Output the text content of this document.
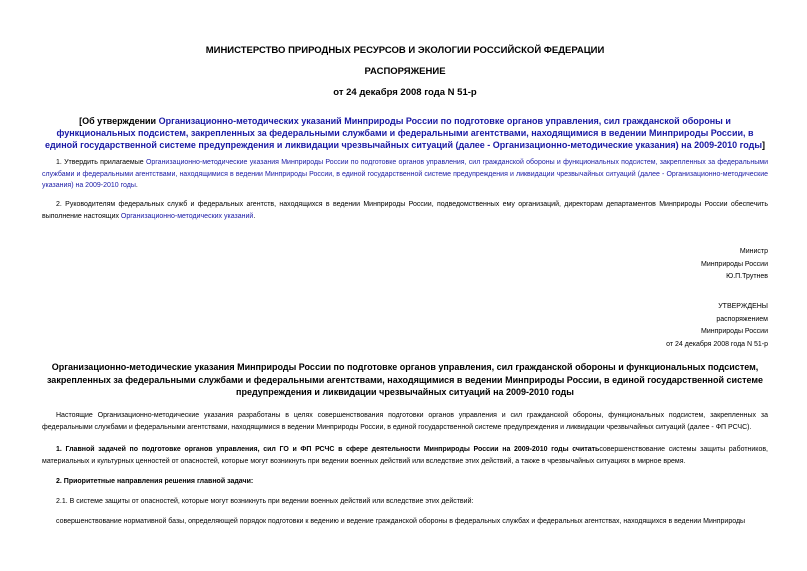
МИНИСТЕРСТВО ПРИРОДНЫХ РЕСУРСОВ И ЭКОЛОГИИ РОССИЙСКОЙ ФЕДЕРАЦИИ
РАСПОРЯЖЕНИЕ
от 24 декабря 2008 года N 51-р
[Об утверждении Организационно-методических указаний Минприроды России по подготовке органов управления, сил гражданской обороны и функциональных подсистем, закрепленных за федеральными службами и федеральными агентствами, находящимися в ведении Минприроды России, в единой государственной системе предупреждения и ликвидации чрезвычайных ситуаций (далее - Организационно-методические указания) на 2009-2010 годы]
1. Утвердить прилагаемые Организационно-методические указания Минприроды России по подготовке органов управления, сил гражданской обороны и функциональных подсистем, закрепленных за федеральными службами и федеральными агентствами, находящимися в ведении Минприроды России, в единой государственной системе предупреждения и ликвидации чрезвычайных ситуаций (далее - Организационно-методические указания) на 2009-2010 годы.
2. Руководителям федеральных служб и федеральных агентств, находящихся в ведении Минприроды России, подведомственных ему организаций, директорам департаментов Минприроды России обеспечить выполнение настоящих Организационно-методических указаний.
Министр
Минприроды России
Ю.П.Трутнев
УТВЕРЖДЕНЫ
распоряжением
Минприроды России
от 24 декабря 2008 года N 51-р
Организационно-методические указания Минприроды России по подготовке органов управления, сил гражданской обороны и функциональных подсистем, закрепленных за федеральными службами и федеральными агентствами, находящимися в ведении Минприроды России, в единой государственной системе предупреждения и ликвидации чрезвычайных ситуаций на 2009-2010 годы
Настоящие Организационно-методические указания разработаны в целях совершенствования подготовки органов управления и сил гражданской обороны, функциональных подсистем, закрепленных за федеральными службами и федеральными агентствами, находящимися в ведении Минприроды России, в единой государственной системе предупреждения и ликвидации чрезвычайных ситуаций (далее - ФП РСЧС).
1. Главной задачей по подготовке органов управления, сил ГО и ФП РСЧС в сфере деятельности Минприроды России на 2009-2010 годы считатьсовершенствование системы защиты работников, материальных и культурных ценностей от опасностей, которые могут возникнуть при ведении военных действий или вследствие этих действий, а также в чрезвычайных ситуациях в мирное время.
2. Приоритетные направления решения главной задачи:
2.1. В системе защиты от опасностей, которые могут возникнуть при ведении военных действий или вследствие этих действий:
совершенствование нормативной базы, определяющей порядок подготовки к ведению и ведение гражданской обороны в федеральных службах и федеральных агентствах, находящихся в ведении Минприроды
